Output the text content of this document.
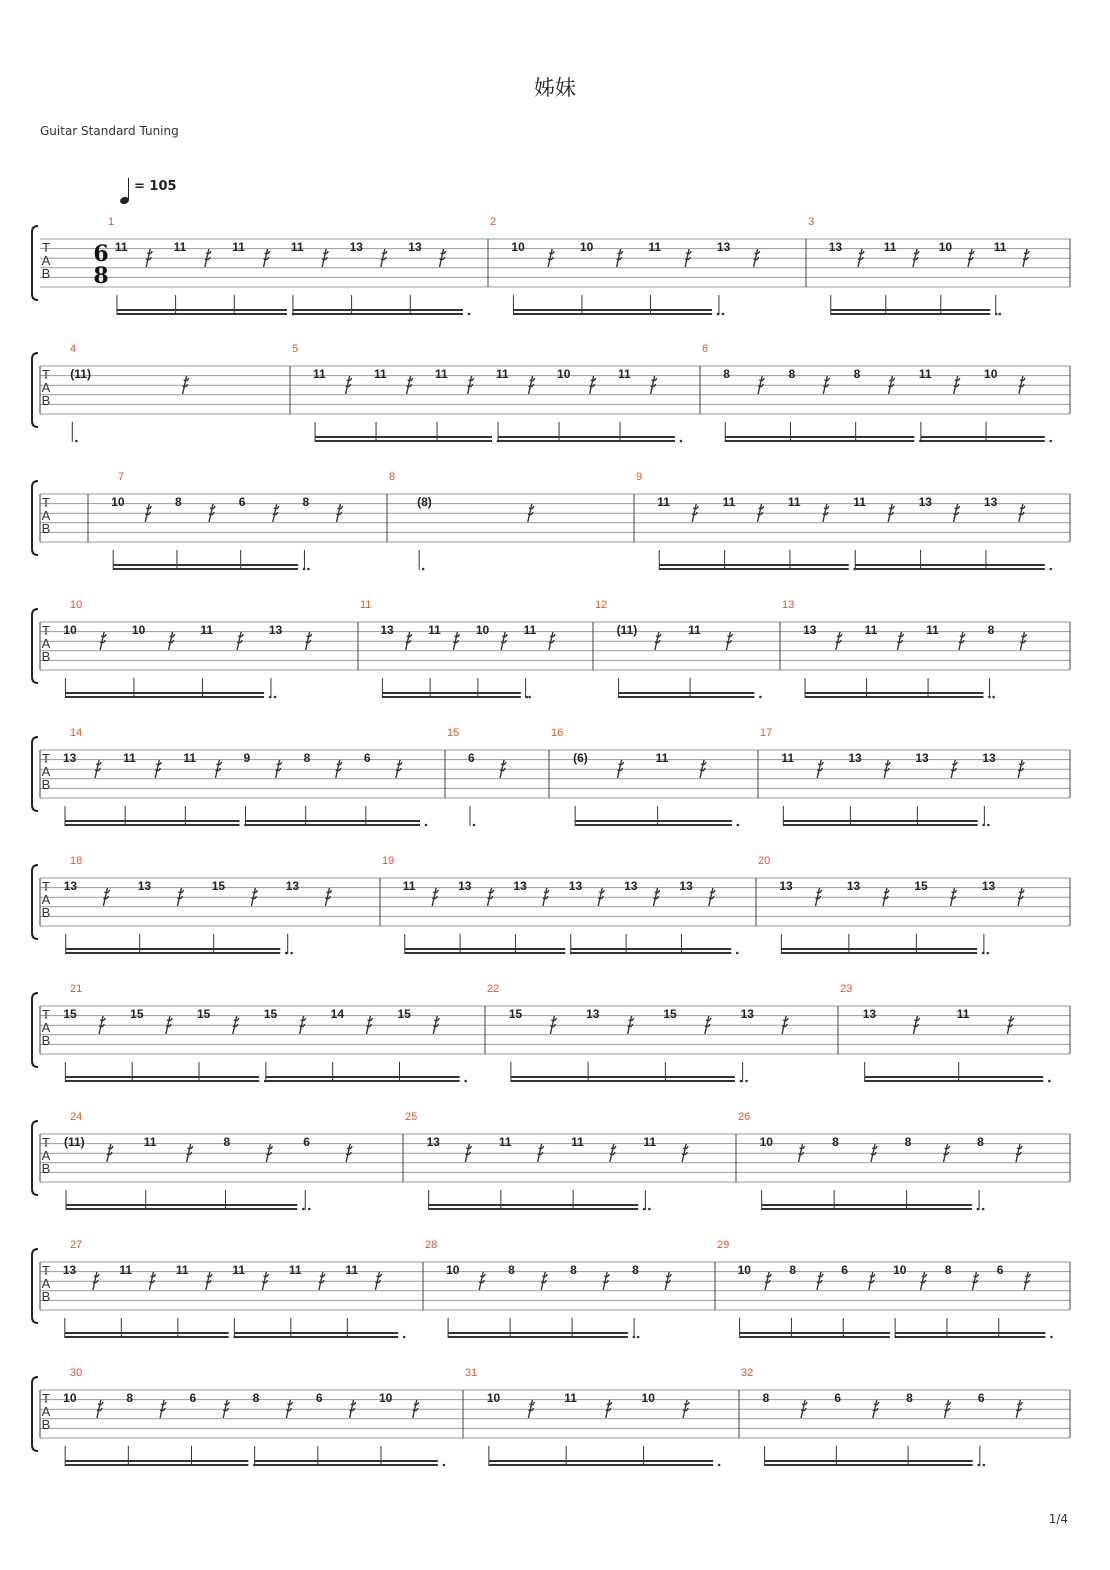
姊妹
Guitar Standard Tuning
= 105
1/4
T
A
B
6
8
1
11	11	11	11	13	13
2
10	10	11	13
3
13	11	10	11
T
A
B
4
(11)
5
11	11	11	11	10	11
6
8	8	8	11	10
T
A
B
7
10	8	6	8
8
(8)
9
11	11	11	11	13	13
T
A
B
10
10	10	11	13
11
13	11	10	11
12
(11)	11
13
13	11	11	8
T
A
B
14
13	11	11	9	8	6
15
6
16
(6)	11
17
11	13	13	13
T
A
B
18
13	13	15	13
19
11	13	13	13	13	13
20
13	13	15	13
T
A
B
21
15	15	15	15	14	15
22
15	13	15	13
23
13	11
T
A
B
24
(11)	11	8	6
25
13	11	11	11
26
10	8	8	8
T
A
B
27
13	11	11	11	11	11
28
10	8	8	8
29
10	8	6	10	8	6
T
A
B
30
10	8	6	8	6	10
31
10	11	10
32
8	6	8	6
